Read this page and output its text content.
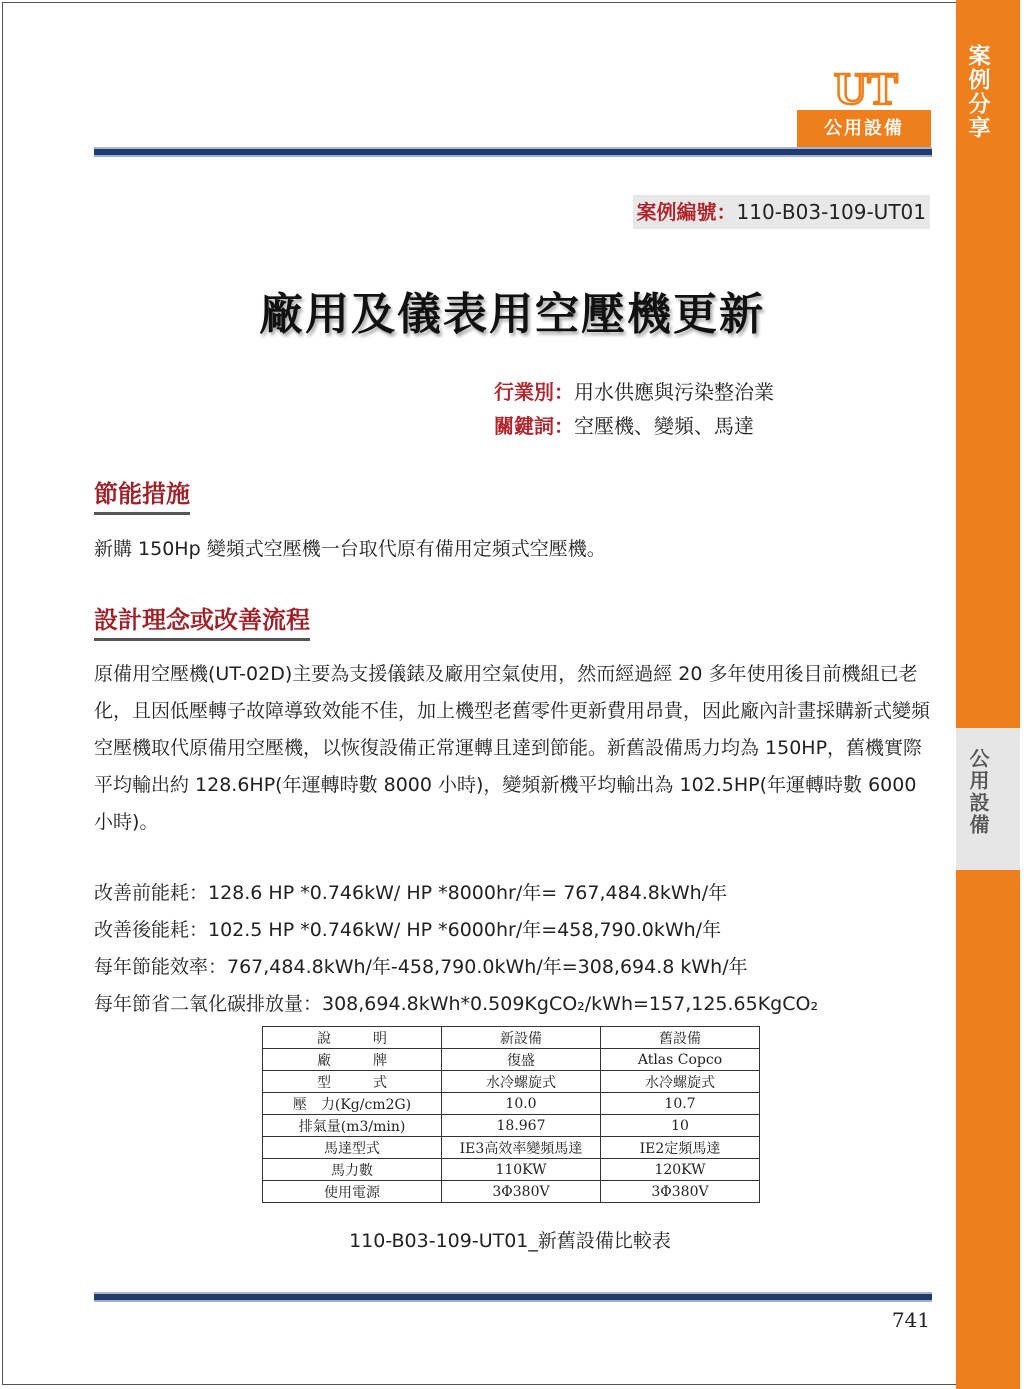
案例分享
公用設備
UT
公用設備
案例編號：110-B03-109-UT01
廠用及儀表用空壓機更新
行業別：用水供應與污染整治業
關鍵詞：空壓機、變頻、馬達
節能措施
新購 150Hp 變頻式空壓機一台取代原有備用定頻式空壓機。
設計理念或改善流程
原備用空壓機(UT-02D)主要為支援儀錶及廠用空氣使用，然而經過經 20 多年使用後目前機組已老化，且因低壓轉子故障導致效能不佳，加上機型老舊零件更新費用昂貴，因此廠內計畫採購新式變頻空壓機取代原備用空壓機，以恢復設備正常運轉且達到節能。新舊設備馬力均為 150HP，舊機實際平均輸出約 128.6HP(年運轉時數 8000 小時)，變頻新機平均輸出為 102.5HP(年運轉時數 6000 小時)。
改善前能耗：128.6 HP *0.746kW/ HP *8000hr/年= 767,484.8kWh/年
改善後能耗：102.5 HP *0.746kW/ HP *6000hr/年=458,790.0kWh/年
每年節能效率：767,484.8kWh/年-458,790.0kWh/年=308,694.8 kWh/年
每年節省二氧化碳排放量：308,694.8kWh*0.509KgCO₂/kWh=157,125.65KgCO₂
說　　　明	新設備	舊設備
廠　　　牌	復盛	Atlas Copco
型　　　式	水冷螺旋式	水冷螺旋式
壓　力(Kg/cm2G)	10.0	10.7
排氣量(m3/min)	18.967	10
馬達型式	IE3高效率變頻馬達	IE2定頻馬達
馬力數	110KW	120KW
使用電源	3Φ380V	3Φ380V
110-B03-109-UT01_新舊設備比較表
741
